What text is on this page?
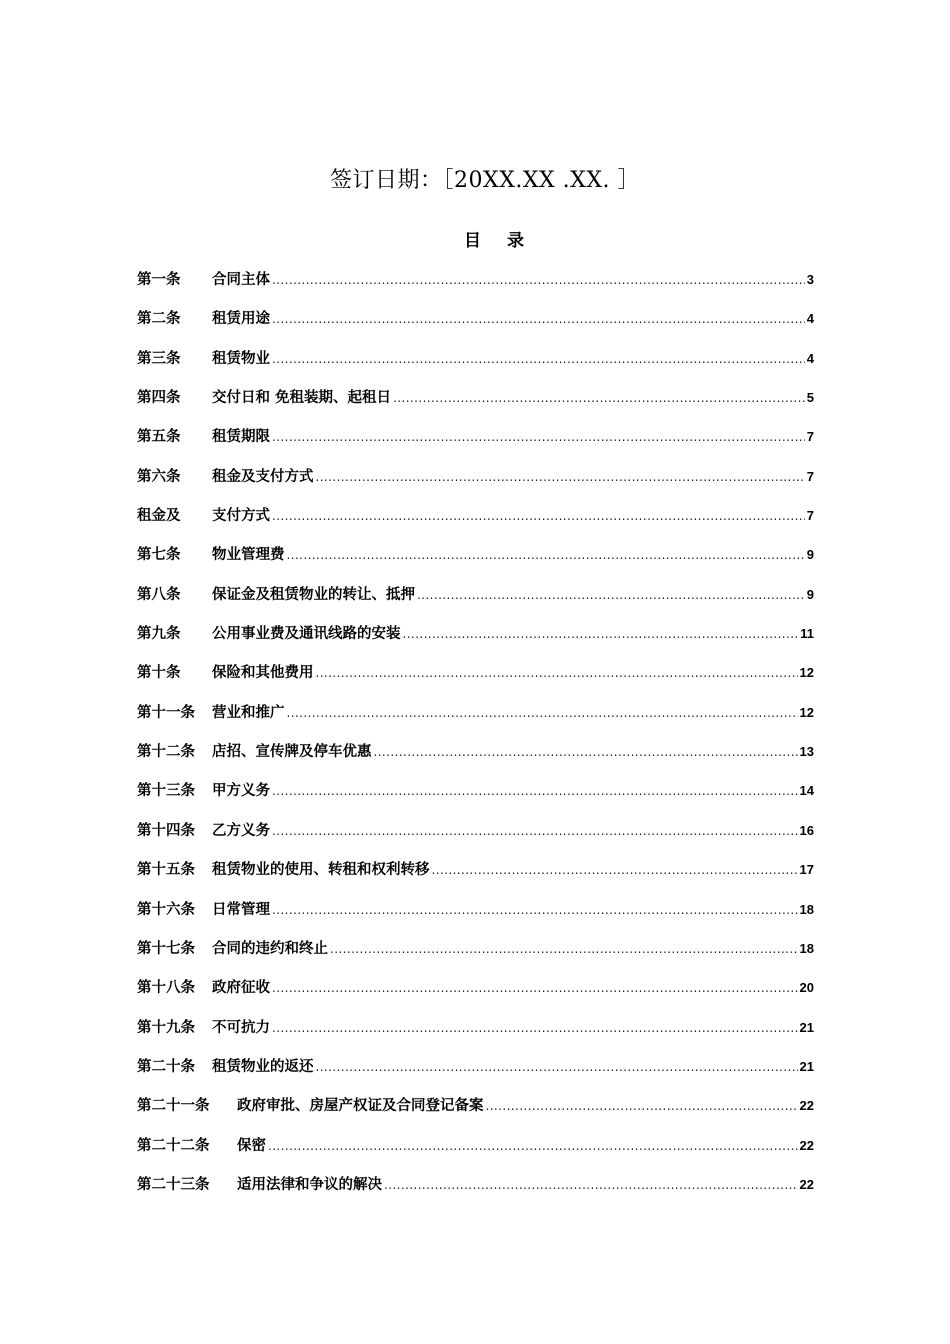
签订日期：［20XX.XX .XX. ］
目 录
第一条	合同主体 .....	3
第二条	租赁用途 .....	4
第三条	租赁物业 .....	4
第四条	交付日和 免租装期、起租日 .....	5
第五条	租赁期限 .....	7
第六条	租金及支付方式 .....	7
租金及	支付方式 .....	7
第七条	物业管理费 .....	9
第八条	保证金及租赁物业的转让、抵押 .....	9
第九条	公用事业费及通讯线路的安装 .....	11
第十条	保险和其他费用 .....	12
第十一条	营业和推广 .....	12
第十二条	店招、宣传牌及停车优惠 .....	13
第十三条	甲方义务 .....	14
第十四条	乙方义务 .....	16
第十五条	租赁物业的使用、转租和权利转移 .....	17
第十六条	日常管理 .....	18
第十七条	合同的违约和终止 .....	18
第十八条	政府征收 .....	20
第十九条	不可抗力 .....	21
第二十条	租赁物业的返还 .....	21
第二十一条	政府审批、房屋产权证及合同登记备案 .....	22
第二十二条	保密 .....	22
第二十三条	适用法律和争议的解决 .....	22
